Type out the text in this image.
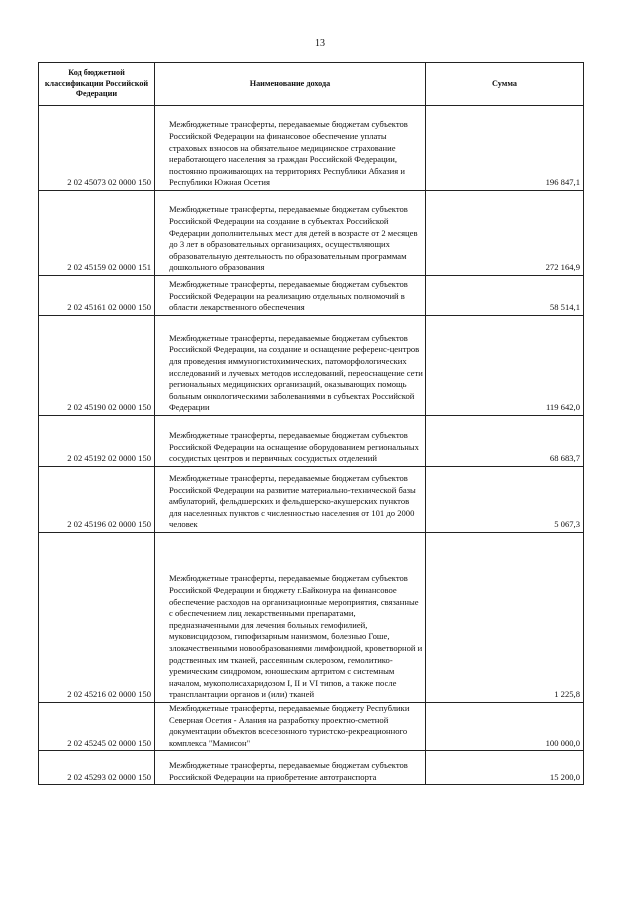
13
Код бюджетной классификации Российской Федерации	Наименование дохода	Сумма
2 02 45073 02 0000 150	Межбюджетные трансферты, передаваемые бюджетам субъектов Российской Федерации на финансовое обеспечение уплаты страховых взносов на обязательное медицинское страхование неработающего населения за граждан Российской Федерации, постоянно проживающих на территориях Республики Абхазия и Республики Южная Осетия	196 847,1
2 02 45159 02 0000 151	Межбюджетные трансферты, передаваемые бюджетам субъектов Российской Федерации на создание в субъектах Российской Федерации дополнительных мест для детей в возрасте от 2 месяцев до 3 лет в образовательных организациях, осуществляющих образовательную деятельность по образовательным программам дошкольного образования	272 164,9
2 02 45161 02 0000 150	Межбюджетные трансферты, передаваемые бюджетам субъектов Российской Федерации на реализацию отдельных полномочий в области лекарственного обеспечения	58 514,1
2 02 45190 02 0000 150	Межбюджетные трансферты, передаваемые бюджетам субъектов Российской Федерации, на создание и оснащение референс-центров для проведения иммуногистохимических, патоморфологических исследований и лучевых методов исследований, переоснащение сети региональных медицинских организаций, оказывающих помощь больным онкологическими заболеваниями в субъектах Российской Федерации	119 642,0
2 02 45192 02 0000 150	Межбюджетные трансферты, передаваемые бюджетам субъектов Российской Федерации на оснащение оборудованием региональных сосудистых центров и первичных сосудистых отделений	68 683,7
2 02 45196 02 0000 150	Межбюджетные трансферты, передаваемые бюджетам субъектов Российской Федерации на развитие материально-технической базы амбулаторий, фельдшерских и фельдшерско-акушерских пунктов для населенных пунктов с численностью населения от 101 до 2000 человек	5 067,3
2 02 45216 02 0000 150	Межбюджетные трансферты, передаваемые бюджетам субъектов Российской Федерации и бюджету г.Байконура на финансовое обеспечение расходов на организационные мероприятия, связанные с обеспечением лиц лекарственными препаратами, предназначенными для лечения больных гемофилией, муковисцидозом, гипофизарным нанизмом, болезнью Гоше, злокачественными новообразованиями лимфоидной, кроветворной и родственных им тканей, рассеянным склерозом, гемолитико-уремическим синдромом, юношеским артритом с системным началом, мукополисахаридозом I, II и VI типов, а также после трансплантации органов и (или) тканей	1 225,8
2 02 45245 02 0000 150	Межбюджетные трансферты, передаваемые бюджету Республики Северная Осетия - Алания на разработку проектно-сметной документации объектов всесезонного туристско-рекреационного комплекса "Мамисон"	100 000,0
2 02 45293 02 0000 150	Межбюджетные трансферты, передаваемые бюджетам субъектов Российской Федерации на приобретение автотранспорта	15 200,0
